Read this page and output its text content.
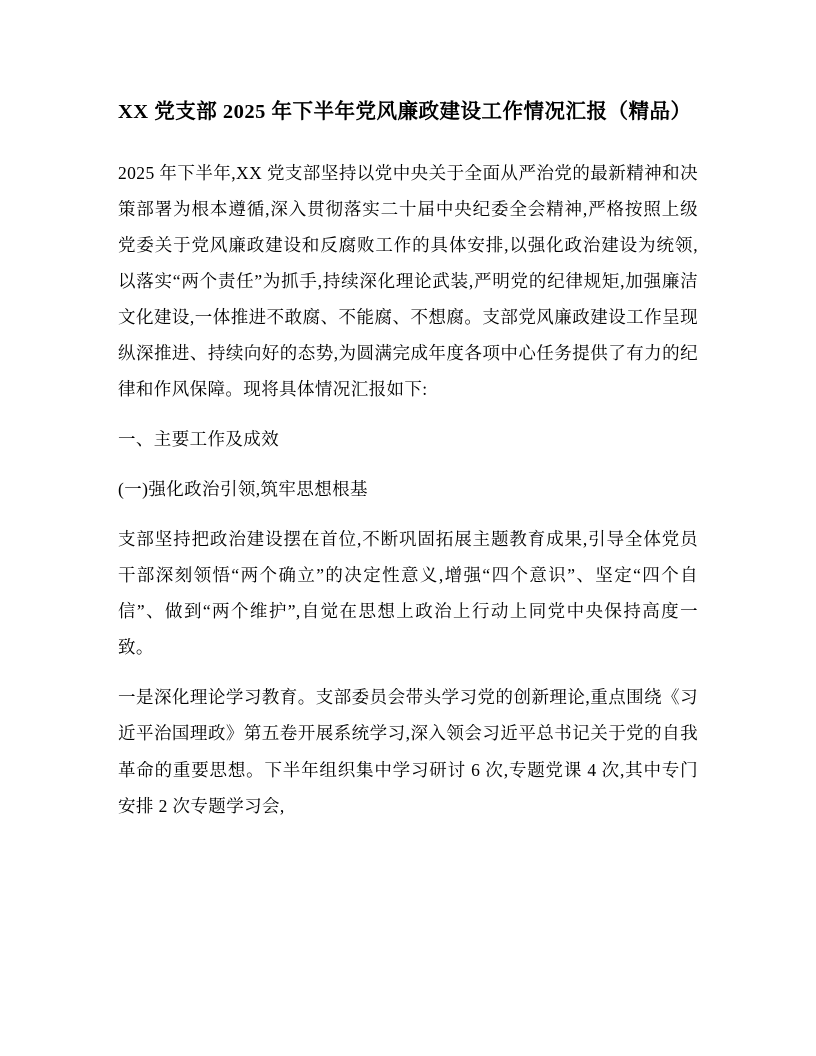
XX 党支部 2025 年下半年党风廉政建设工作情况汇报（精品）

2025 年下半年,XX 党支部坚持以党中央关于全面从严治党的最新精神和决策部署为根本遵循,深入贯彻落实二十届中央纪委全会精神,严格按照上级党委关于党风廉政建设和反腐败工作的具体安排,以强化政治建设为统领,以落实“两个责任”为抓手,持续深化理论武装,严明党的纪律规矩,加强廉洁文化建设,一体推进不敢腐、不能腐、不想腐。支部党风廉政建设工作呈现纵深推进、持续向好的态势,为圆满完成年度各项中心任务提供了有力的纪律和作风保障。现将具体情况汇报如下:

一、主要工作及成效

(一)强化政治引领,筑牢思想根基

支部坚持把政治建设摆在首位,不断巩固拓展主题教育成果,引导全体党员干部深刻领悟“两个确立”的决定性意义,增强“四个意识”、坚定“四个自信”、做到“两个维护”,自觉在思想上政治上行动上同党中央保持高度一致。

一是深化理论学习教育。支部委员会带头学习党的创新理论,重点围绕《习近平治国理政》第五卷开展系统学习,深入领会习近平总书记关于党的自我革命的重要思想。下半年组织集中学习研讨 6 次,专题党课 4 次,其中专门安排 2 次专题学习会,
